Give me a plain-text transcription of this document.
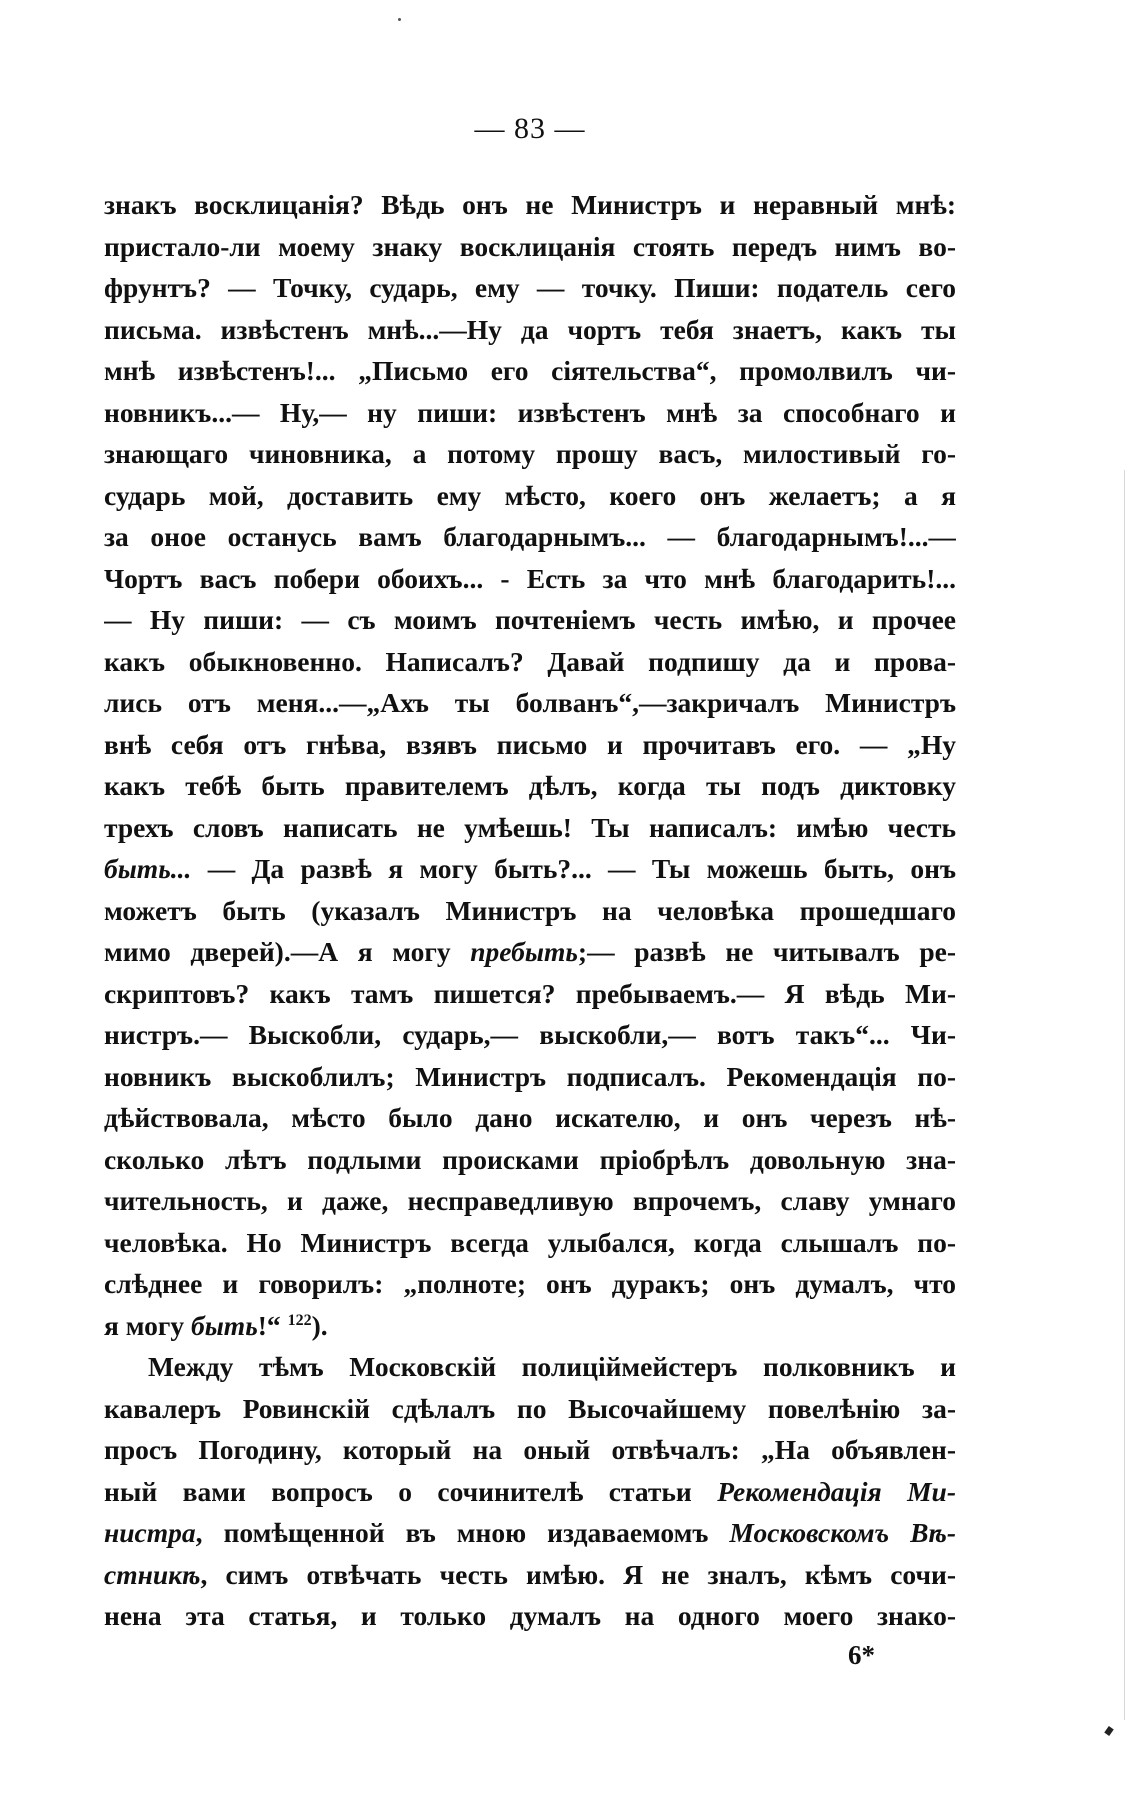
— 83 —
знакъ восклицанія? Вѣдь онъ не Министръ и неравный мнѣ:
пристало-ли моему знаку восклицанія стоять передъ нимъ во-
фрунтъ? — Точку, сударь, ему — точку. Пиши: податель сего
письма. извѣстенъ мнѣ...—Ну да чортъ тебя знаетъ, какъ ты
мнѣ извѣстенъ!... „Письмо его сіятельства“, промолвилъ чи-
новникъ...— Ну,— ну пиши: извѣстенъ мнѣ за способнаго и
знающаго чиновника, а потому прошу васъ, милостивый го-
сударь мой, доставить ему мѣсто, коего онъ желаетъ; а я
за оное останусь вамъ благодарнымъ... — благодарнымъ!...—
Чортъ васъ побери обоихъ... - Есть за что мнѣ благодарить!...
— Ну пиши: — съ моимъ почтеніемъ честь имѣю, и прочее
какъ обыкновенно. Написалъ? Давай подпишу да и прова-
лись отъ меня...—„Ахъ ты болванъ“,—закричалъ Министръ
внѣ себя отъ гнѣва, взявъ письмо и прочитавъ его. — „Ну
какъ тебѣ быть правителемъ дѣлъ, когда ты подъ диктовку
трехъ словъ написать не умѣешь! Ты написалъ: имѣю честь
быть... — Да развѣ я могу быть?... — Ты можешь быть, онъ
можетъ быть (указалъ Министръ на человѣка прошедшаго
мимо дверей).—А я могу пребыть;— развѣ не читывалъ ре-
скриптовъ? какъ тамъ пишется? пребываемъ.— Я вѣдь Ми-
нистръ.— Выскобли, сударь,— выскобли,— вотъ такъ“... Чи-
новникъ выскоблилъ; Министръ подписалъ. Рекомендація по-
дѣйствовала, мѣсто было дано искателю, и онъ черезъ нѣ-
сколько лѣтъ подлыми происками пріобрѣлъ довольную зна-
чительность, и даже, несправедливую впрочемъ, славу умнаго
человѣка. Но Министръ всегда улыбался, когда слышалъ по-
слѣднее и говорилъ: „полноте; онъ дуракъ; онъ думалъ, что
я могу быть!“ $^{122}$).
Между тѣмъ Московскій полиціймейстеръ полковникъ и
кавалеръ Ровинскій сдѣлалъ по Высочайшему повелѣнію за-
просъ Погодину, который на оный отвѣчалъ: „На объявлен-
ный вами вопросъ о сочинителѣ статьи Рекомендація Ми-
нистра, помѣщенной въ мною издаваемомъ Московскомъ Вѣ-
стникѣ, симъ отвѣчать честь имѣю. Я не зналъ, кѣмъ сочи-
нена эта статья, и только думалъ на одного моего знако-
6*
